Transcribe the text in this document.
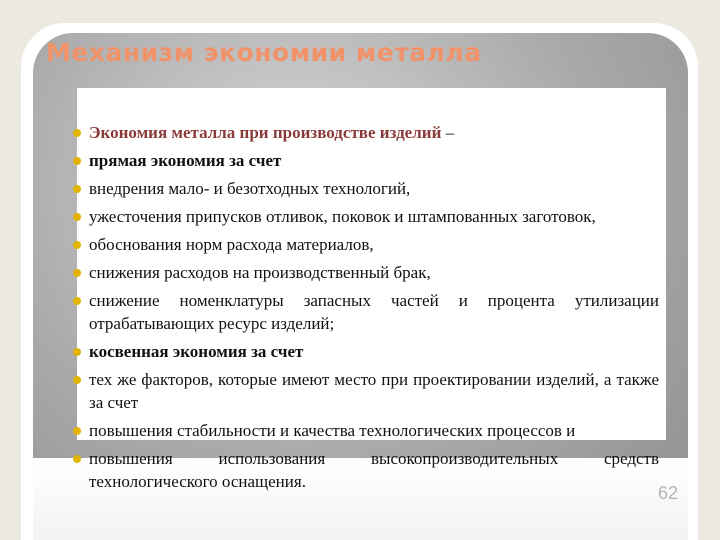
Механизм экономии металла
Экономия металла при производстве изделий –
прямая экономия за счет
внедрения мало- и безотходных технологий,
ужесточения припусков отливок, поковок и штампованных заготовок,
обоснования норм расхода материалов,
снижения расходов на производственный брак,
снижение номенклатуры запасных частей и процента утилизации отрабатывающих ресурс изделий;
косвенная экономия за счет
тех же факторов, которые имеют место при проектировании изделий, а также за счет
повышения стабильности и качества технологических процессов и
повышения использования высокопроизводительных средств технологического оснащения.
62
